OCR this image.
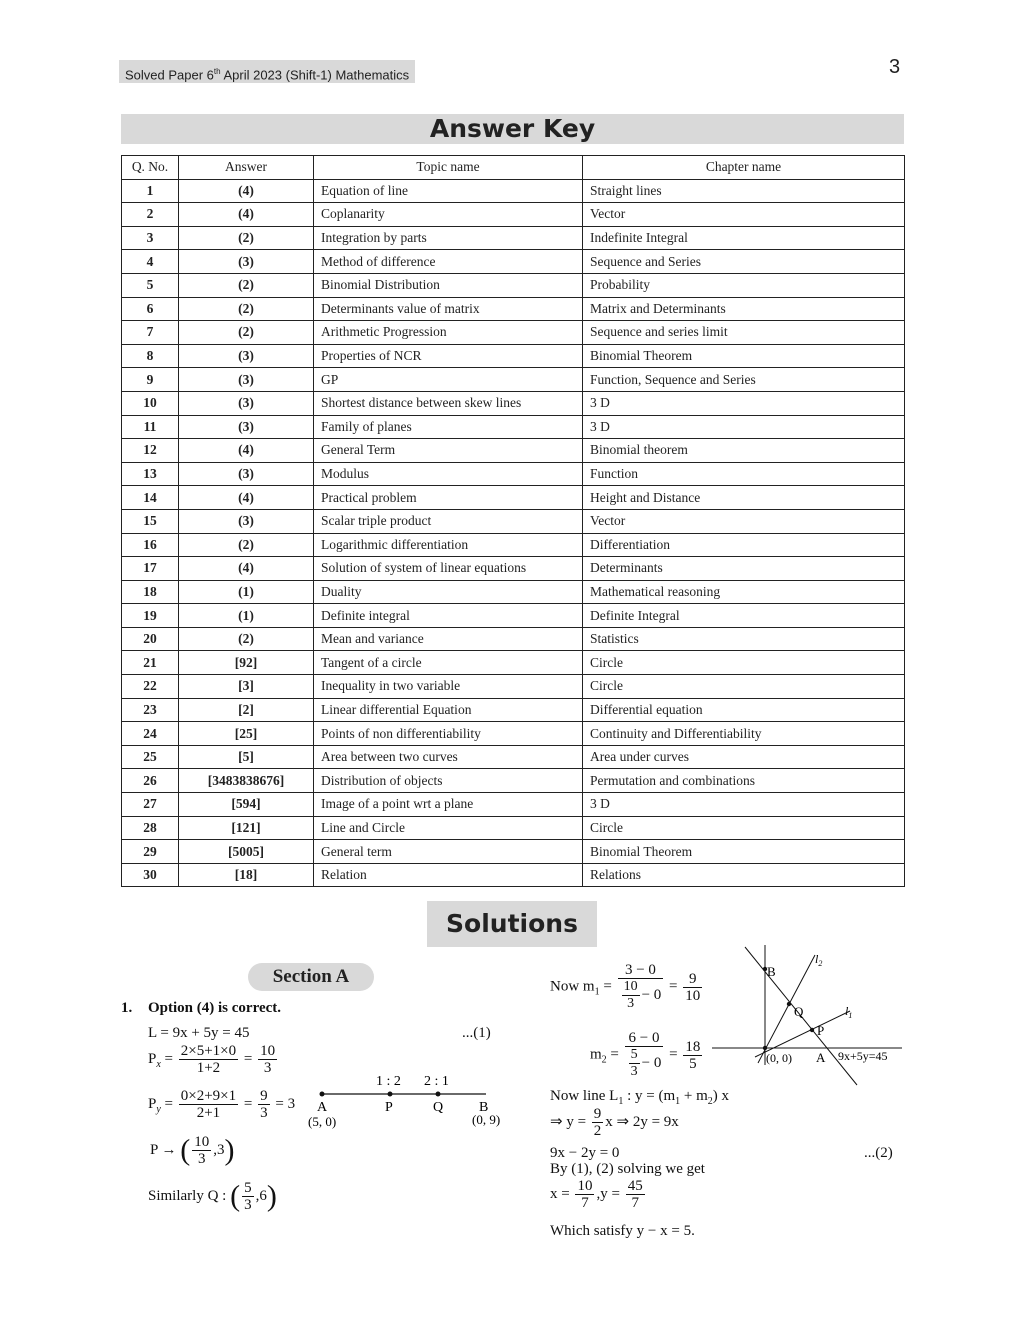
Solved Paper 6th April 2023 (Shift-1) Mathematics	3
Answer Key
Q. No.	Answer	Topic name	Chapter name
1	(4)	Equation of line	Straight lines
2	(4)	Coplanarity	Vector
3	(2)	Integration by parts	Indefinite Integral
4	(3)	Method of difference	Sequence and Series
5	(2)	Binomial Distribution	Probability
6	(2)	Determinants value of matrix	Matrix and Determinants
7	(2)	Arithmetic Progression	Sequence and series limit
8	(3)	Properties of NCR	Binomial Theorem
9	(3)	GP	Function, Sequence and Series
10	(3)	Shortest distance between skew lines	3 D
11	(3)	Family of planes	3 D
12	(4)	General Term	Binomial theorem
13	(3)	Modulus	Function
14	(4)	Practical problem	Height and Distance
15	(3)	Scalar triple product	Vector
16	(2)	Logarithmic differentiation	Differentiation
17	(4)	Solution of system of linear equations	Determinants
18	(1)	Duality	Mathematical reasoning
19	(1)	Definite integral	Definite Integral
20	(2)	Mean and variance	Statistics
21	[92]	Tangent of a circle	Circle
22	[3]	Inequality in two variable	Circle
23	[2]	Linear differential Equation	Differential equation
24	[25]	Points of non differentiability	Continuity and Differentiability
25	[5]	Area between two curves	Area under curves
26	[3483838676]	Distribution of objects	Permutation and combinations
27	[594]	Image of a point wrt a plane	3 D
28	[121]	Line and Circle	Circle
29	[5005]	General term	Binomial Theorem
30	[18]	Relation	Relations
Solutions
Section A
1. Option (4) is correct.
L = 9x + 5y = 45	...(1)
$P_x = \frac{2\times 5+1\times 0}{1+2} = \frac{10}{3}$
$P_y = \frac{0\times 2+9\times 1}{2+1} = \frac{9}{3} = 3$
P → ( $\frac{10}{3} ,3$)
Similarly Q : ( $\frac{5}{3} ,6$)
1 : 2 2 : 1
A	P	Q	B
(5, 0)	(0, 9)
Now $m_1 = \frac{3 - 0}{\frac{10}{3} - 0} = \frac{9}{10}$
$m_2 = \frac{6 - 0}{\frac{5}{3} - 0} = \frac{18}{5}$
Now line $L_1$ : $y = (m_1 + m_2)$ x
⇒ $y = \frac{9}{2}$ x ⇒ 2y = 9x
9x − 2y = 0	...(2)
By (1), (2) solving we get
$x = \frac{10}{7} ,y = \frac{45}{7}$
Which satisfy y − x = 5.
B
Q
P
A
(0, 0)	9x+5y=45
$l_2$
$l_1$
